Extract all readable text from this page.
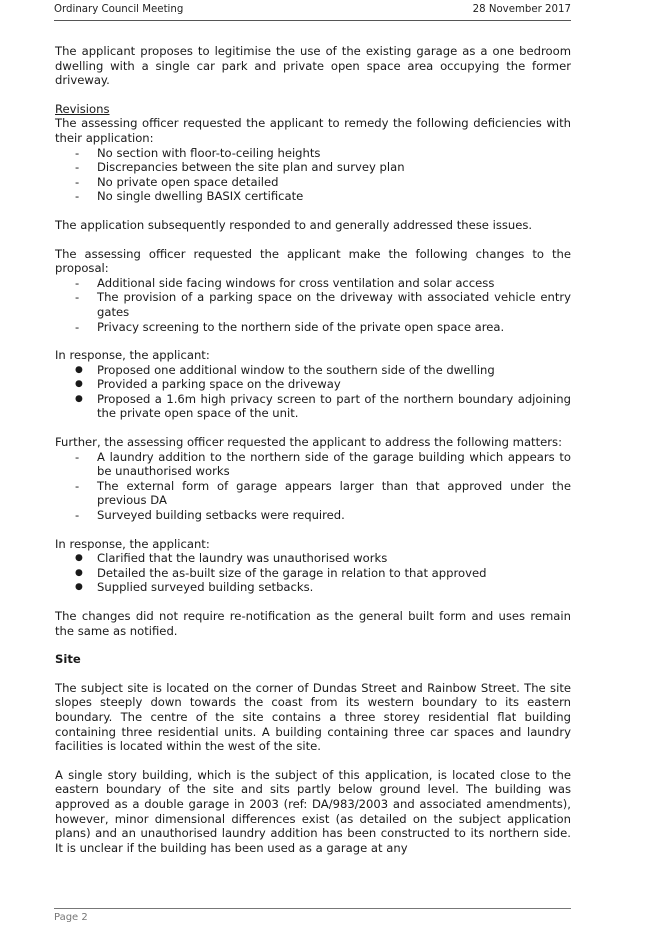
Ordinary Council Meeting	28 November 2017

The applicant proposes to legitimise the use of the existing garage as a one bedroom dwelling with a single car park and private open space area occupying the former driveway.

Revisions

The assessing officer requested the applicant to remedy the following deficiencies with their application:

- No section with floor-to-ceiling heights
- Discrepancies between the site plan and survey plan
- No private open space detailed
- No single dwelling BASIX certificate

The application subsequently responded to and generally addressed these issues.

The assessing officer requested the applicant make the following changes to the proposal:

- Additional side facing windows for cross ventilation and solar access
- The provision of a parking space on the driveway with associated vehicle entry gates
- Privacy screening to the northern side of the private open space area.

In response, the applicant:

● Proposed one additional window to the southern side of the dwelling
● Provided a parking space on the driveway
● Proposed a 1.6m high privacy screen to part of the northern boundary adjoining the private open space of the unit.

Further, the assessing officer requested the applicant to address the following matters:

- A laundry addition to the northern side of the garage building which appears to be unauthorised works
- The external form of garage appears larger than that approved under the previous DA
- Surveyed building setbacks were required.

In response, the applicant:

● Clarified that the laundry was unauthorised works
● Detailed the as-built size of the garage in relation to that approved
● Supplied surveyed building setbacks.

The changes did not require re-notification as the general built form and uses remain the same as notified.

Site

The subject site is located on the corner of Dundas Street and Rainbow Street. The site slopes steeply down towards the coast from its western boundary to its eastern boundary. The centre of the site contains a three storey residential flat building containing three residential units. A building containing three car spaces and laundry facilities is located within the west of the site.

A single story building, which is the subject of this application, is located close to the eastern boundary of the site and sits partly below ground level. The building was approved as a double garage in 2003 (ref: DA/983/2003 and associated amendments), however, minor dimensional differences exist (as detailed on the subject application plans) and an unauthorised laundry addition has been constructed to its northern side. It is unclear if the building has been used as a garage at any

Page 2
